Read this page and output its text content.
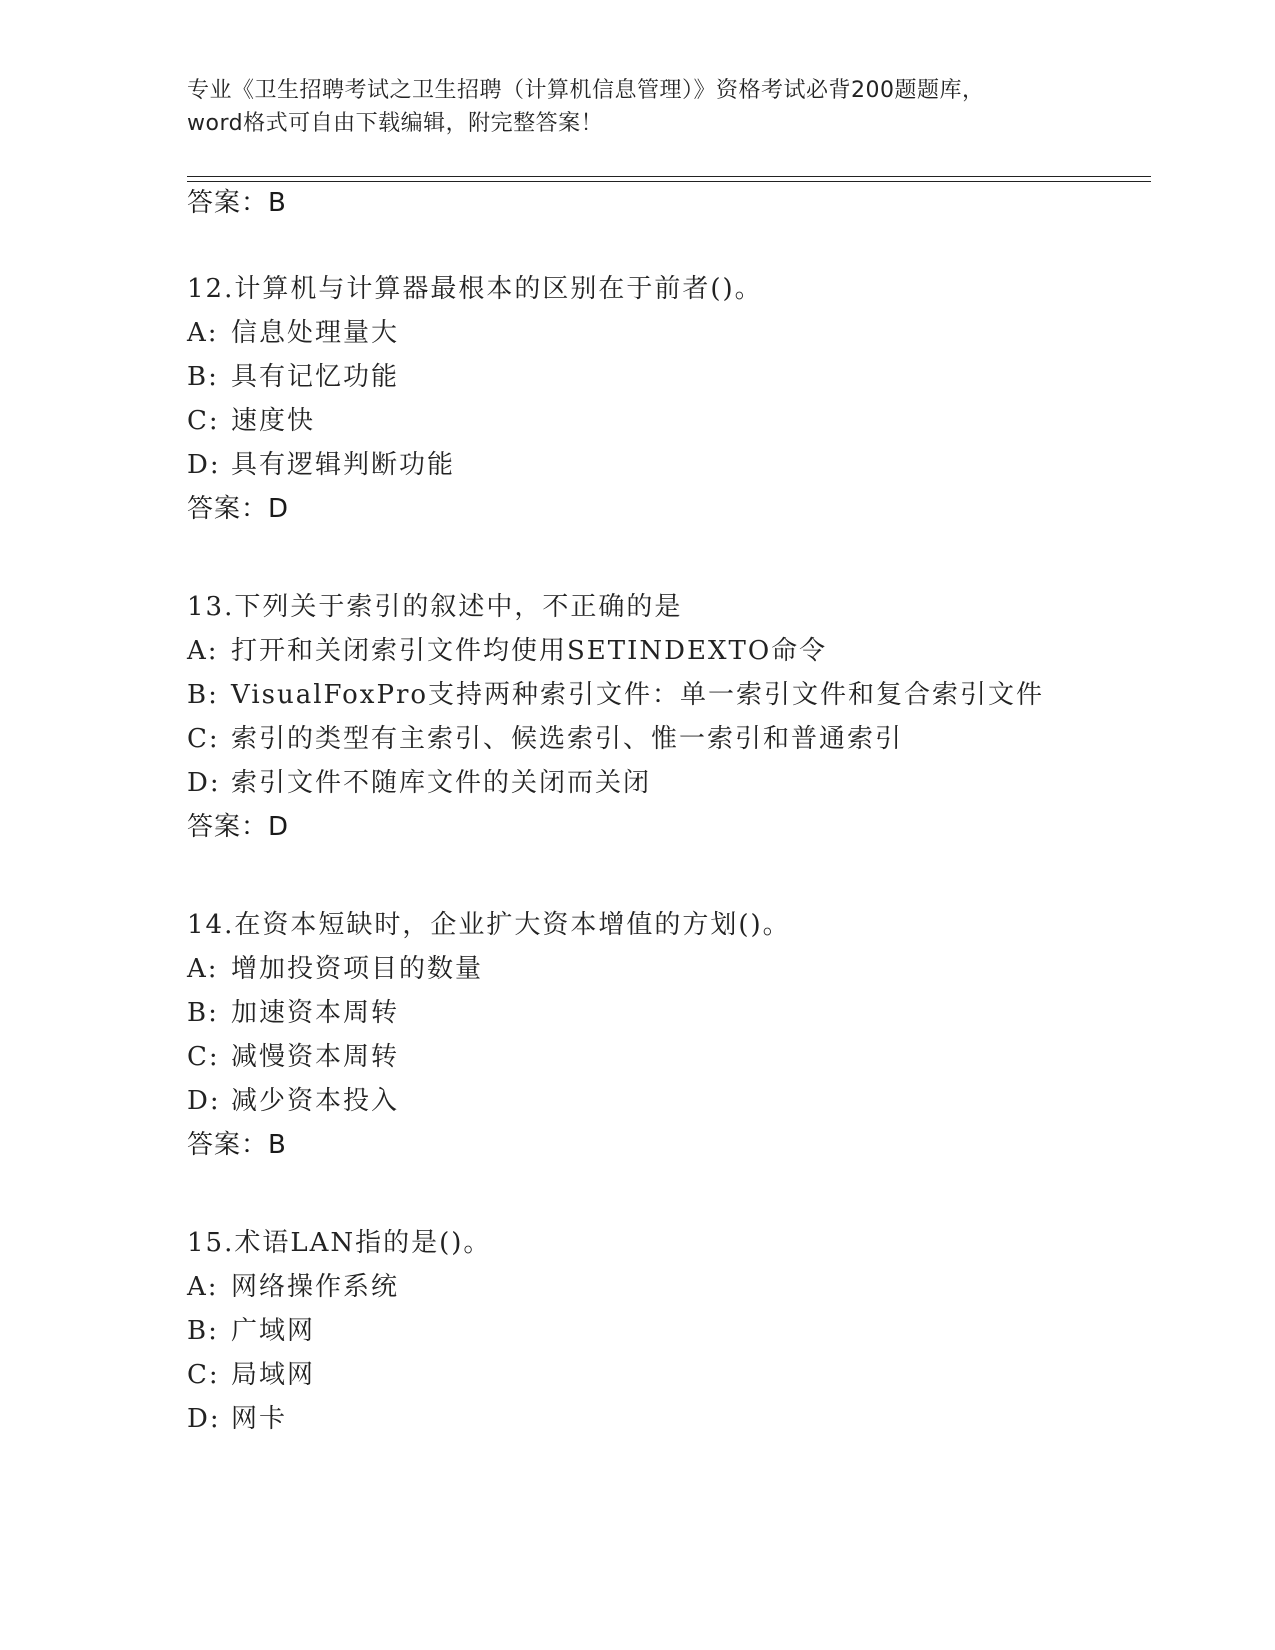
专业《卫生招聘考试之卫生招聘（计算机信息管理）》资格考试必背200题题库，
word格式可自由下载编辑，附完整答案！
答案：B
12.计算机与计算器最根本的区别在于前者()。
A: 信息处理量大
B: 具有记忆功能
C: 速度快
D: 具有逻辑判断功能
答案：D
13.下列关于索引的叙述中，不正确的是
A: 打开和关闭索引文件均使用SETINDEXTO命令
B: VisualFoxPro支持两种索引文件：单一索引文件和复合索引文件
C: 索引的类型有主索引、候选索引、惟一索引和普通索引
D: 索引文件不随库文件的关闭而关闭
答案：D
14.在资本短缺时，企业扩大资本增值的方划()。
A: 增加投资项目的数量
B: 加速资本周转
C: 减慢资本周转
D: 减少资本投入
答案：B
15.术语LAN指的是()。
A: 网络操作系统
B: 广域网
C: 局域网
D: 网卡
